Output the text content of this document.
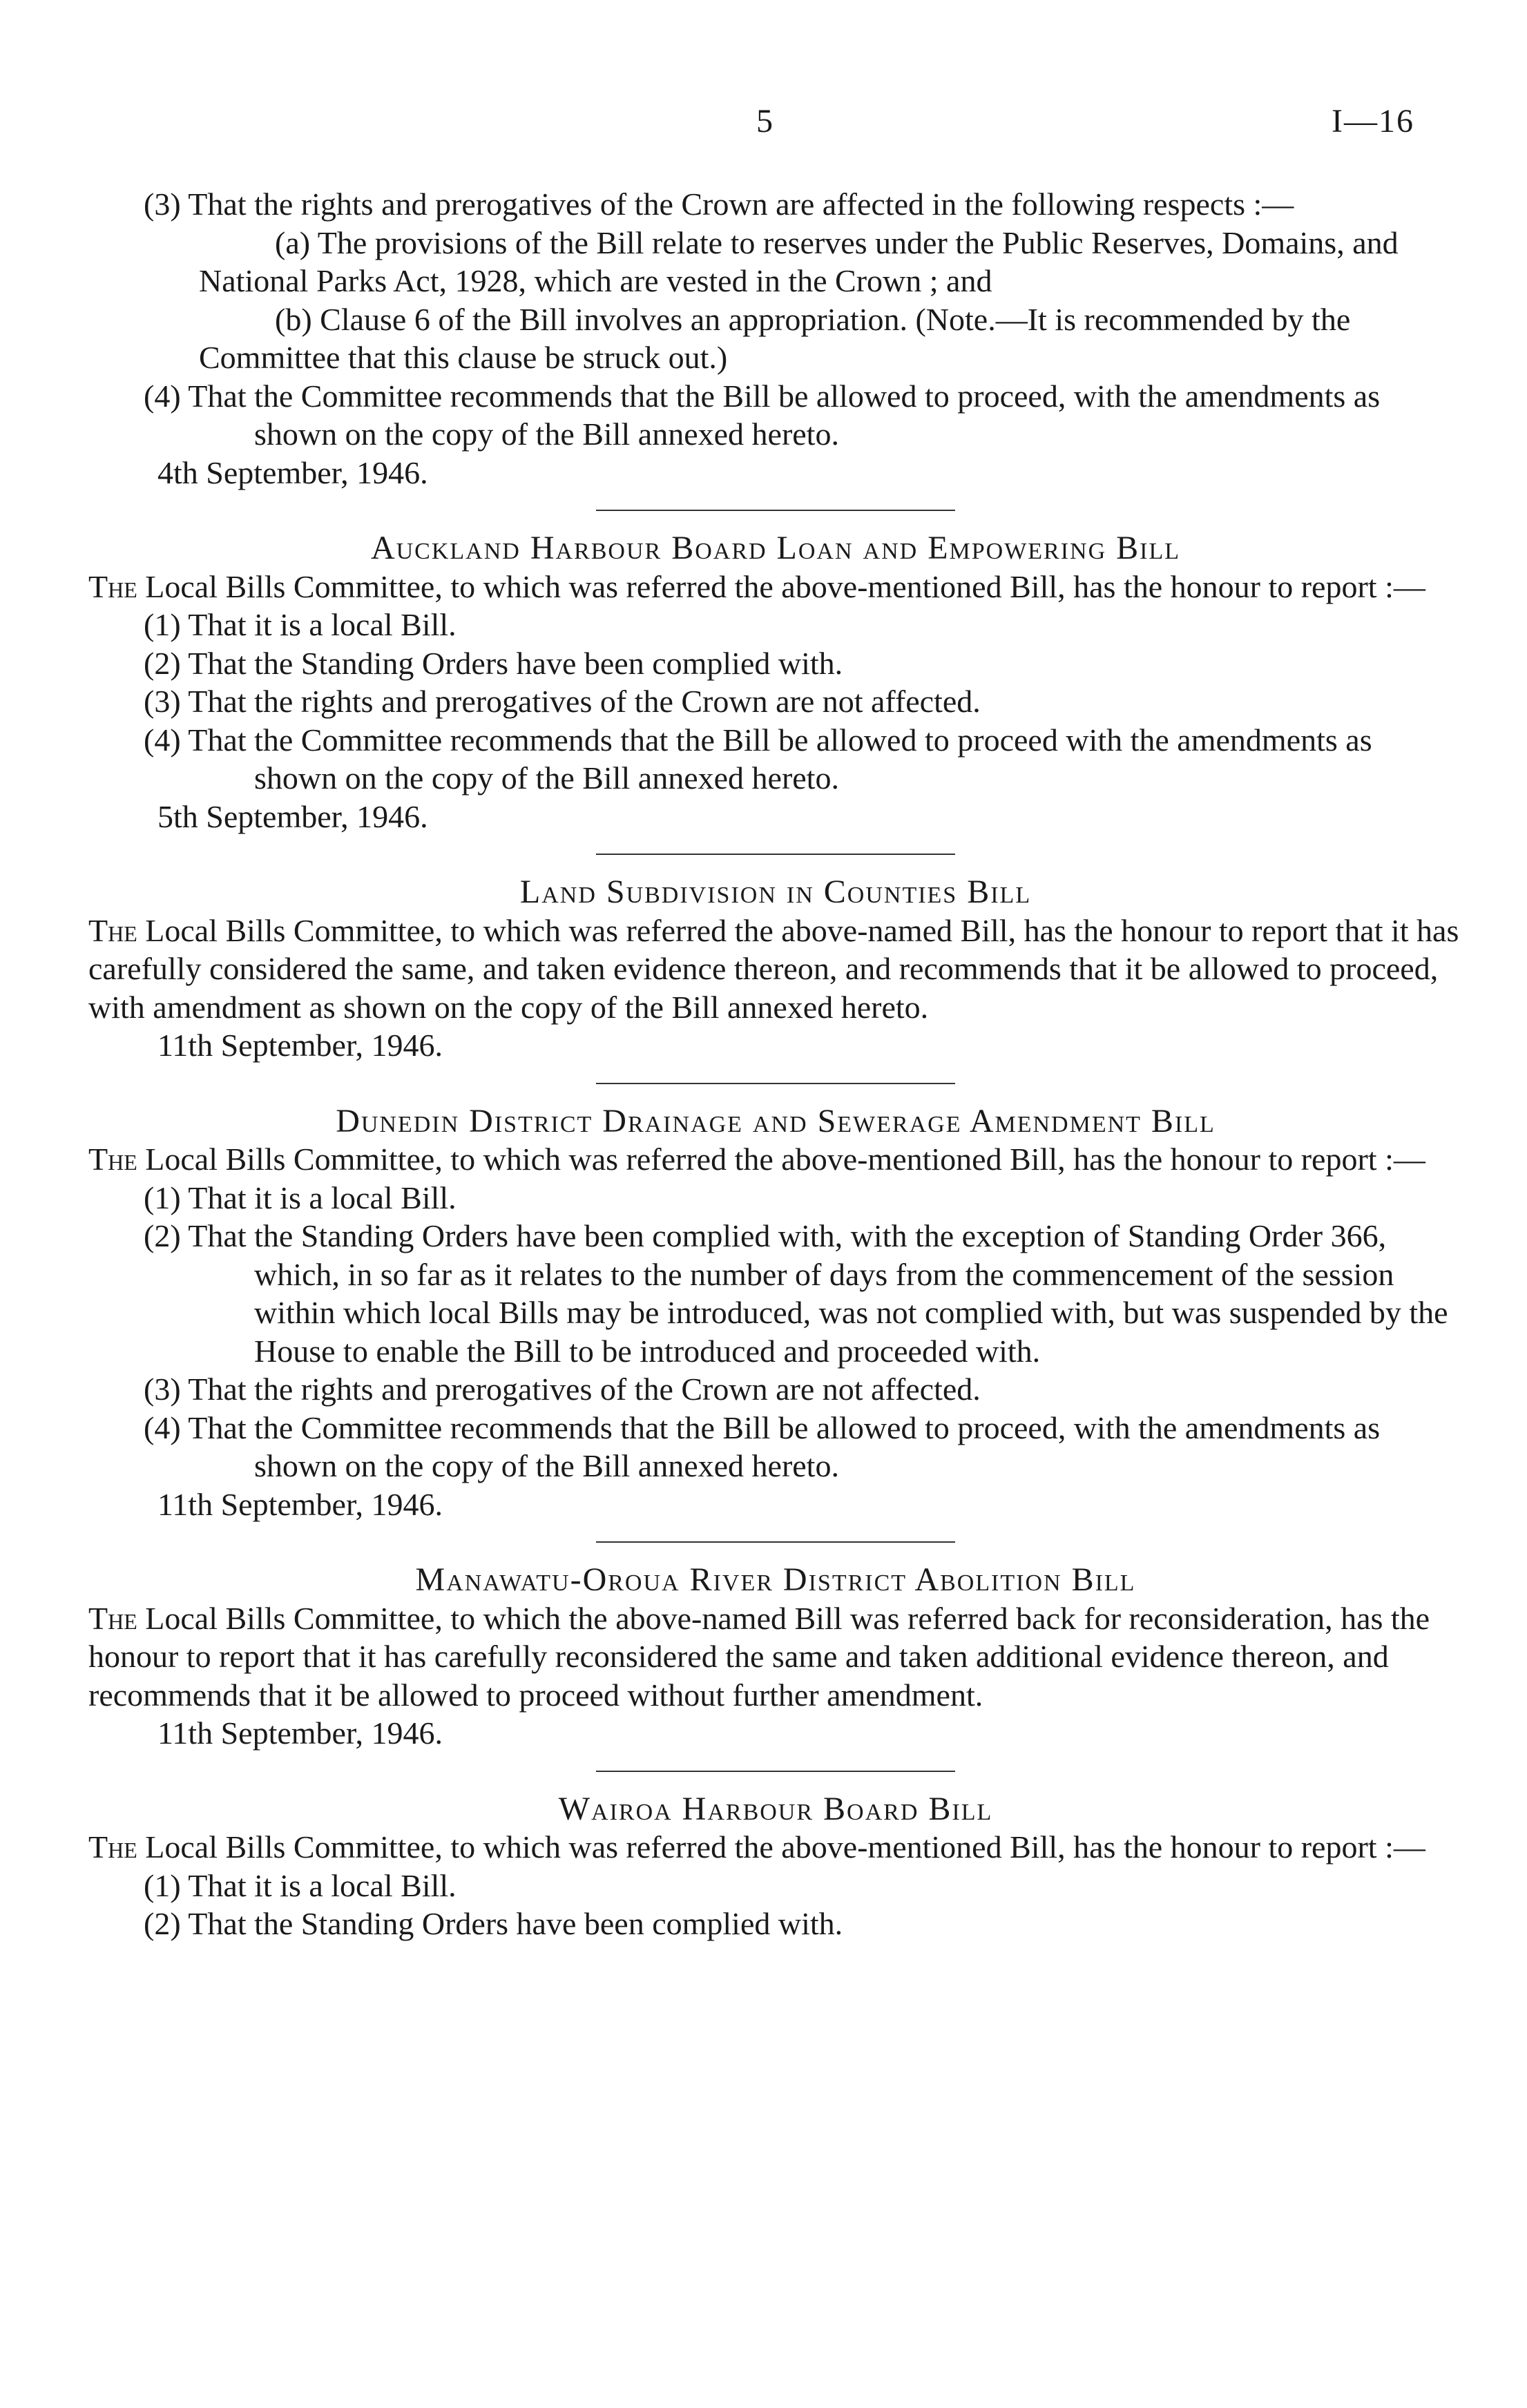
5	I—16

(3) That the rights and prerogatives of the Crown are affected in the following respects :—

(a) The provisions of the Bill relate to reserves under the Public Reserves, Domains, and National Parks Act, 1928, which are vested in the Crown ; and

(b) Clause 6 of the Bill involves an appropriation. (Note.—It is recommended by the Committee that this clause be struck out.)

(4) That the Committee recommends that the Bill be allowed to proceed, with the amendments as shown on the copy of the Bill annexed hereto.

4th September, 1946.

Auckland Harbour Board Loan and Empowering Bill

The Local Bills Committee, to which was referred the above-mentioned Bill, has the honour to report :—

(1) That it is a local Bill.

(2) That the Standing Orders have been complied with.

(3) That the rights and prerogatives of the Crown are not affected.

(4) That the Committee recommends that the Bill be allowed to proceed with the amendments as shown on the copy of the Bill annexed hereto.

5th September, 1946.

Land Subdivision in Counties Bill

The Local Bills Committee, to which was referred the above-named Bill, has the honour to report that it has carefully considered the same, and taken evidence thereon, and recommends that it be allowed to proceed, with amendment as shown on the copy of the Bill annexed hereto.

11th September, 1946.

Dunedin District Drainage and Sewerage Amendment Bill

The Local Bills Committee, to which was referred the above-mentioned Bill, has the honour to report :—

(1) That it is a local Bill.

(2) That the Standing Orders have been complied with, with the exception of Standing Order 366, which, in so far as it relates to the number of days from the commencement of the session within which local Bills may be introduced, was not complied with, but was suspended by the House to enable the Bill to be introduced and proceeded with.

(3) That the rights and prerogatives of the Crown are not affected.

(4) That the Committee recommends that the Bill be allowed to proceed, with the amendments as shown on the copy of the Bill annexed hereto.

11th September, 1946.

Manawatu-Oroua River District Abolition Bill

The Local Bills Committee, to which the above-named Bill was referred back for reconsideration, has the honour to report that it has carefully reconsidered the same and taken additional evidence thereon, and recommends that it be allowed to proceed without further amendment.

11th September, 1946.

Wairoa Harbour Board Bill

The Local Bills Committee, to which was referred the above-mentioned Bill, has the honour to report :—

(1) That it is a local Bill.

(2) That the Standing Orders have been complied with.
